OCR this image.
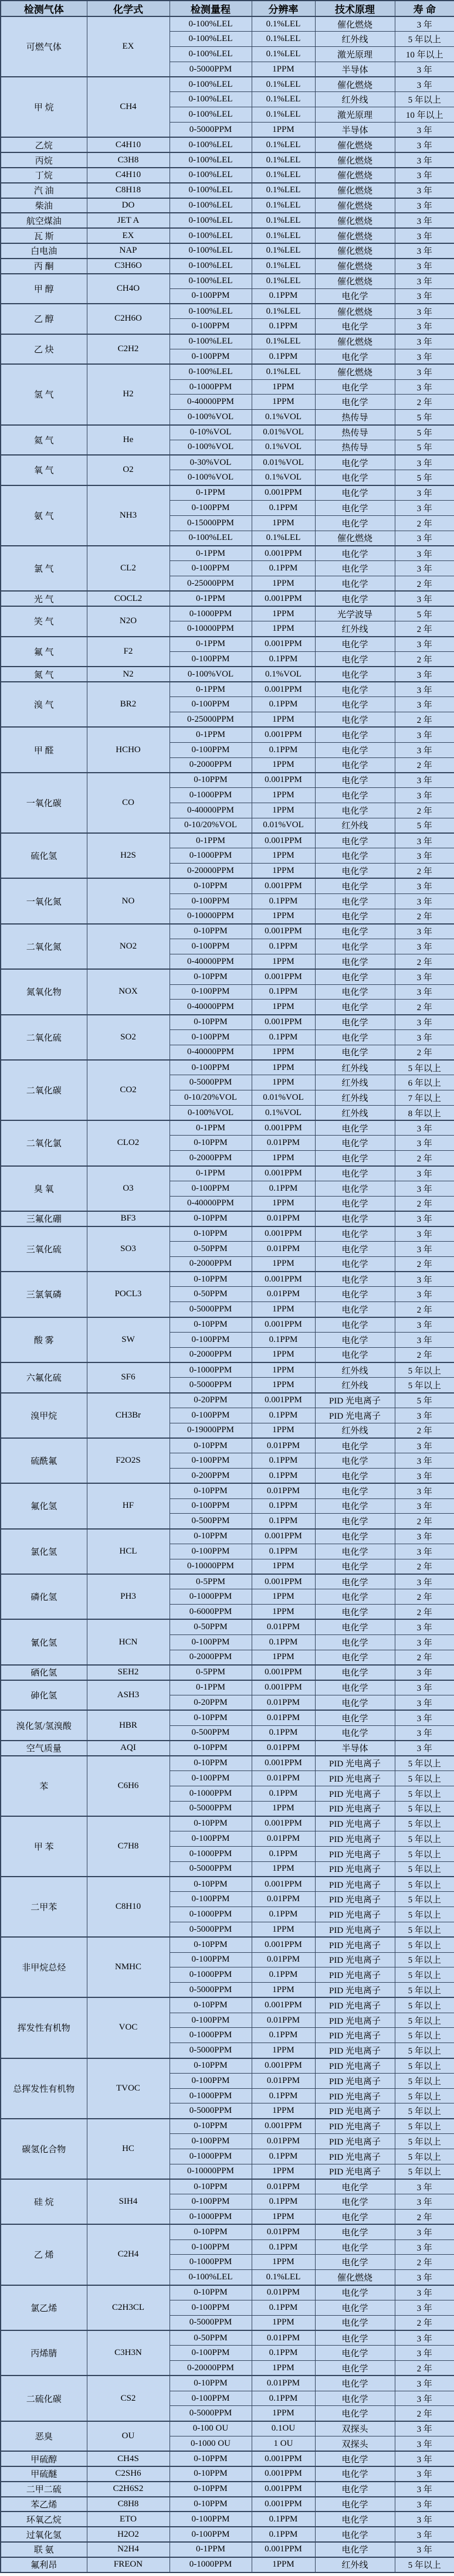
检测气体	化学式	检测量程	分辨率	技术原理	寿 命
可燃气体	EX	0-100%LEL	0.1%LEL	催化燃烧	3 年
		0-100%LEL	0.1%LEL	红外线	5 年以上
		0-100%LEL	0.1%LEL	激光原理	10 年以上
		0-5000PPM	1PPM	半导体	3 年
甲 烷	CH4	0-100%LEL	0.1%LEL	催化燃烧	3 年
		0-100%LEL	0.1%LEL	红外线	5 年以上
		0-100%LEL	0.1%LEL	激光原理	10 年以上
		0-5000PPM	1PPM	半导体	3 年
乙烷	C4H10	0-100%LEL	0.1%LEL	催化燃烧	3 年
丙烷	C3H8	0-100%LEL	0.1%LEL	催化燃烧	3 年
丁烷	C4H10	0-100%LEL	0.1%LEL	催化燃烧	3 年
汽 油	C8H18	0-100%LEL	0.1%LEL	催化燃烧	3 年
柴油	DO	0-100%LEL	0.1%LEL	催化燃烧	3 年
航空煤油	JET A	0-100%LEL	0.1%LEL	催化燃烧	3 年
瓦 斯	EX	0-100%LEL	0.1%LEL	催化燃烧	3 年
白电油	NAP	0-100%LEL	0.1%LEL	催化燃烧	3 年
丙 酮	C3H6O	0-100%LEL	0.1%LEL	催化燃烧	3 年
甲 醇	CH4O	0-100%LEL	0.1%LEL	催化燃烧	3 年
		0-100PPM	0.1PPM	电化学	3 年
乙 醇	C2H6O	0-100%LEL	0.1%LEL	催化燃烧	3 年
		0-100PPM	0.1PPM	电化学	3 年
乙 炔	C2H2	0-100%LEL	0.1%LEL	催化燃烧	3 年
		0-100PPM	0.1PPM	电化学	3 年
氢 气	H2	0-100%LEL	0.1%LEL	催化燃烧	3 年
		0-1000PPM	1PPM	电化学	3 年
		0-40000PPM	1PPM	电化学	2 年
		0-100%VOL	0.1%VOL	热传导	5 年
氦 气	He	0-10%VOL	0.01%VOL	热传导	5 年
		0-100%VOL	0.1%VOL	热传导	5 年
氧 气	O2	0-30%VOL	0.01%VOL	电化学	3 年
		0-100%VOL	0.1%VOL	电化学	5 年
氨 气	NH3	0-1PPM	0.001PPM	电化学	3 年
		0-100PPM	0.1PPM	电化学	3 年
		0-15000PPM	1PPM	电化学	2 年
		0-100%LEL	0.1%LEL	催化燃烧	3 年
氯 气	CL2	0-1PPM	0.001PPM	电化学	3 年
		0-100PPM	0.1PPM	电化学	3 年
		0-25000PPM	1PPM	电化学	2 年
光 气	COCL2	0-1PPM	0.001PPM	电化学	3 年
笑 气	N2O	0-1000PPM	1PPM	光学波导	5 年
		0-10000PPM	1PPM	红外线	2 年
氟 气	F2	0-1PPM	0.001PPM	电化学	3 年
		0-100PPM	0.1PPM	电化学	2 年
氮 气	N2	0-100%VOL	0.1%VOL	电化学	3 年
溴 气	BR2	0-1PPM	0.001PPM	电化学	3 年
		0-100PPM	0.1PPM	电化学	3 年
		0-25000PPM	1PPM	电化学	2 年
甲 醛	HCHO	0-1PPM	0.001PPM	电化学	3 年
		0-100PPM	0.1PPM	电化学	3 年
		0-2000PPM	1PPM	电化学	2 年
一氧化碳	CO	0-10PPM	0.001PPM	电化学	3 年
		0-1000PPM	1PPM	电化学	3 年
		0-40000PPM	1PPM	电化学	2 年
		0-10/20%VOL	0.01%VOL	红外线	5 年
硫化氢	H2S	0-1PPM	0.001PPM	电化学	3 年
		0-1000PPM	1PPM	电化学	3 年
		0-20000PPM	1PPM	电化学	2 年
一氧化氮	NO	0-10PPM	0.001PPM	电化学	3 年
		0-100PPM	0.1PPM	电化学	3 年
		0-10000PPM	1PPM	电化学	2 年
二氧化氮	NO2	0-10PPM	0.001PPM	电化学	3 年
		0-100PPM	0.1PPM	电化学	3 年
		0-40000PPM	1PPM	电化学	2 年
氮氧化物	NOX	0-10PPM	0.001PPM	电化学	3 年
		0-100PPM	0.1PPM	电化学	3 年
		0-40000PPM	1PPM	电化学	2 年
二氧化硫	SO2	0-10PPM	0.001PPM	电化学	3 年
		0-100PPM	0.1PPM	电化学	3 年
		0-40000PPM	1PPM	电化学	2 年
二氧化碳	CO2	0-100PPM	1PPM	红外线	5 年以上
		0-5000PPM	1PPM	红外线	6 年以上
		0-10/20%VOL	0.01%VOL	红外线	7 年以上
		0-100%VOL	0.1%VOL	红外线	8 年以上
二氧化氯	CLO2	0-1PPM	0.001PPM	电化学	3 年
		0-10PPM	0.01PPM	电化学	3 年
		0-2000PPM	1PPM	电化学	2 年
臭 氧	O3	0-1PPM	0.001PPM	电化学	3 年
		0-100PPM	0.1PPM	电化学	3 年
		0-40000PPM	1PPM	电化学	2 年
三氟化硼	BF3	0-10PPM	0.01PPM	电化学	3 年
三氧化硫	SO3	0-10PPM	0.001PPM	电化学	3 年
		0-50PPM	0.01PPM	电化学	3 年
		0-2000PPM	1PPM	电化学	2 年
三氯氧磷	POCL3	0-10PPM	0.001PPM	电化学	3 年
		0-50PPM	0.01PPM	电化学	3 年
		0-5000PPM	1PPM	电化学	2 年
酸 雾	SW	0-10PPM	0.001PPM	电化学	3 年
		0-100PPM	0.1PPM	电化学	3 年
		0-2000PPM	1PPM	电化学	2 年
六氟化硫	SF6	0-1000PPM	1PPM	红外线	5 年以上
		0-5000PPM	1PPM	红外线	5 年以上
溴甲烷	CH3Br	0-20PPM	0.001PPM	PID 光电离子	5 年
		0-100PPM	0.1PPM	PID 光电离子	3 年
		0-19000PPM	1PPM	红外线	2 年
硫酰氟	F2O2S	0-10PPM	0.01PPM	电化学	3 年
		0-100PPM	0.1PPM	电化学	3 年
		0-200PPM	0.1PPM	电化学	3 年
氟化氢	HF	0-10PPM	0.01PPM	电化学	3 年
		0-100PPM	0.1PPM	电化学	3 年
		0-500PPM	0.1PPM	电化学	2 年
氯化氢	HCL	0-10PPM	0.001PPM	电化学	3 年
		0-100PPM	0.1PPM	电化学	3 年
		0-10000PPM	1PPM	电化学	2 年
磷化氢	PH3	0-5PPM	0.001PPM	电化学	3 年
		0-1000PPM	1PPM	电化学	2 年
		0-6000PPM	1PPM	电化学	2 年
氰化氢	HCN	0-50PPM	0.01PPM	电化学	3 年
		0-100PPM	0.1PPM	电化学	3 年
		0-2000PPM	1PPM	电化学	2 年
硒化氢	SEH2	0-5PPM	0.001PPM	电化学	3 年
砷化氢	ASH3	0-1PPM	0.001PPM	电化学	3 年
		0-20PPM	0.01PPM	电化学	3 年
溴化氢/氢溴酸	HBR	0-10PPM	0.01PPM	电化学	3 年
		0-500PPM	0.1PPM	电化学	3 年
空气质量	AQI	0-10PPM	0.01PPM	半导体	3 年
苯	C6H6	0-10PPM	0.001PPM	PID 光电离子	5 年以上
		0-100PPM	0.01PPM	PID 光电离子	5 年以上
		0-1000PPM	0.1PPM	PID 光电离子	5 年以上
		0-5000PPM	1PPM	PID 光电离子	5 年以上
甲 苯	C7H8	0-10PPM	0.001PPM	PID 光电离子	5 年以上
		0-100PPM	0.01PPM	PID 光电离子	5 年以上
		0-1000PPM	0.1PPM	PID 光电离子	5 年以上
		0-5000PPM	1PPM	PID 光电离子	5 年以上
二甲苯	C8H10	0-10PPM	0.001PPM	PID 光电离子	5 年以上
		0-100PPM	0.01PPM	PID 光电离子	5 年以上
		0-1000PPM	0.1PPM	PID 光电离子	5 年以上
		0-5000PPM	1PPM	PID 光电离子	5 年以上
非甲烷总烃	NMHC	0-10PPM	0.001PPM	PID 光电离子	5 年以上
		0-100PPM	0.01PPM	PID 光电离子	5 年以上
		0-1000PPM	0.1PPM	PID 光电离子	5 年以上
		0-5000PPM	1PPM	PID 光电离子	5 年以上
挥发性有机物	VOC	0-10PPM	0.001PPM	PID 光电离子	5 年以上
		0-100PPM	0.01PPM	PID 光电离子	5 年以上
		0-1000PPM	0.1PPM	PID 光电离子	5 年以上
		0-5000PPM	1PPM	PID 光电离子	5 年以上
总挥发性有机物	TVOC	0-10PPM	0.001PPM	PID 光电离子	5 年以上
		0-100PPM	0.01PPM	PID 光电离子	5 年以上
		0-1000PPM	0.1PPM	PID 光电离子	5 年以上
		0-5000PPM	1PPM	PID 光电离子	5 年以上
碳氢化合物	HC	0-10PPM	0.001PPM	PID 光电离子	5 年以上
		0-100PPM	0.01PPM	PID 光电离子	5 年以上
		0-1000PPM	0.1PPM	PID 光电离子	5 年以上
		0-10000PPM	1PPM	PID 光电离子	5 年以上
硅 烷	SIH4	0-10PPM	0.01PPM	电化学	3 年
		0-100PPM	0.1PPM	电化学	3 年
		0-1000PPM	1PPM	电化学	2 年
乙 烯	C2H4	0-10PPM	0.01PPM	电化学	3 年
		0-100PPM	0.1PPM	电化学	3 年
		0-1000PPM	1PPM	电化学	2 年
		0-100%LEL	0.1%LEL	催化燃烧	3 年
氯乙烯	C2H3CL	0-10PPM	0.01PPM	电化学	3 年
		0-100PPM	0.1PPM	电化学	3 年
		0-5000PPM	1PPM	电化学	2 年
丙烯腈	C3H3N	0-50PPM	0.01PPM	电化学	3 年
		0-100PPM	0.1PPM	电化学	3 年
		0-20000PPM	1PPM	电化学	2 年
二硫化碳	CS2	0-10PPM	0.01PPM	电化学	3 年
		0-100PPM	0.1PPM	电化学	3 年
		0-5000PPM	1PPM	电化学	2 年
恶臭	OU	0-100 OU	0.1OU	双探头	3 年
		0-1000 OU	1 OU	双探头	3 年
甲硫醇	CH4S	0-10PPM	0.001PPM	电化学	3 年
甲硫醚	C2SH6	0-10PPM	0.001PPM	电化学	3 年
二甲二硫	C2H6S2	0-10PPM	0.001PPM	电化学	3 年
苯乙烯	C8H8	0-10PPM	0.001PPM	电化学	3 年
环氧乙烷	ETO	0-100PPM	0.1PPM	电化学	3 年
过氧化氢	H2O2	0-100PPM	0.1PPM	电化学	3 年
联 氨	N2H4	0-1PPM	0.001PPM	电化学	3 年
氟利昂	FREON	0-1000PPM	1PPM	红外线	5 年以上
